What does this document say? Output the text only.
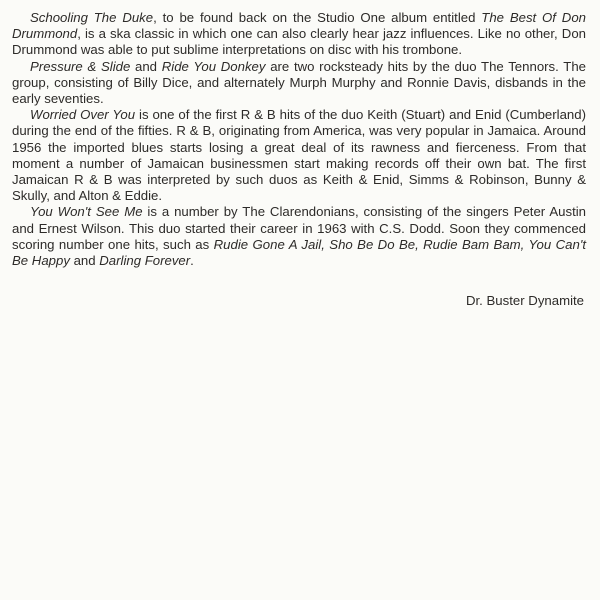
Schooling The Duke, to be found back on the Studio One album entitled The Best Of Don Drummond, is a ska classic in which one can also clearly hear jazz influences. Like no other, Don Drummond was able to put sublime interpretations on disc with his trombone.

Pressure & Slide and Ride You Donkey are two rocksteady hits by the duo The Tennors. The group, consisting of Billy Dice, and alternately Murph Murphy and Ronnie Davis, disbands in the early seventies.

Worried Over You is one of the first R & B hits of the duo Keith (Stuart) and Enid (Cumberland) during the end of the fifties. R & B, originating from America, was very popular in Jamaica. Around 1956 the imported blues starts losing a great deal of its rawness and fierceness. From that moment a number of Jamaican businessmen start making records off their own bat. The first Jamaican R & B was interpreted by such duos as Keith & Enid, Simms & Robinson, Bunny & Skully, and Alton & Eddie.

You Won't See Me is a number by The Clarendonians, consisting of the singers Peter Austin and Ernest Wilson. This duo started their career in 1963 with C.S. Dodd. Soon they commenced scoring number one hits, such as Rudie Gone A Jail, Sho Be Do Be, Rudie Bam Bam, You Can't Be Happy and Darling Forever.

Dr. Buster Dynamite
